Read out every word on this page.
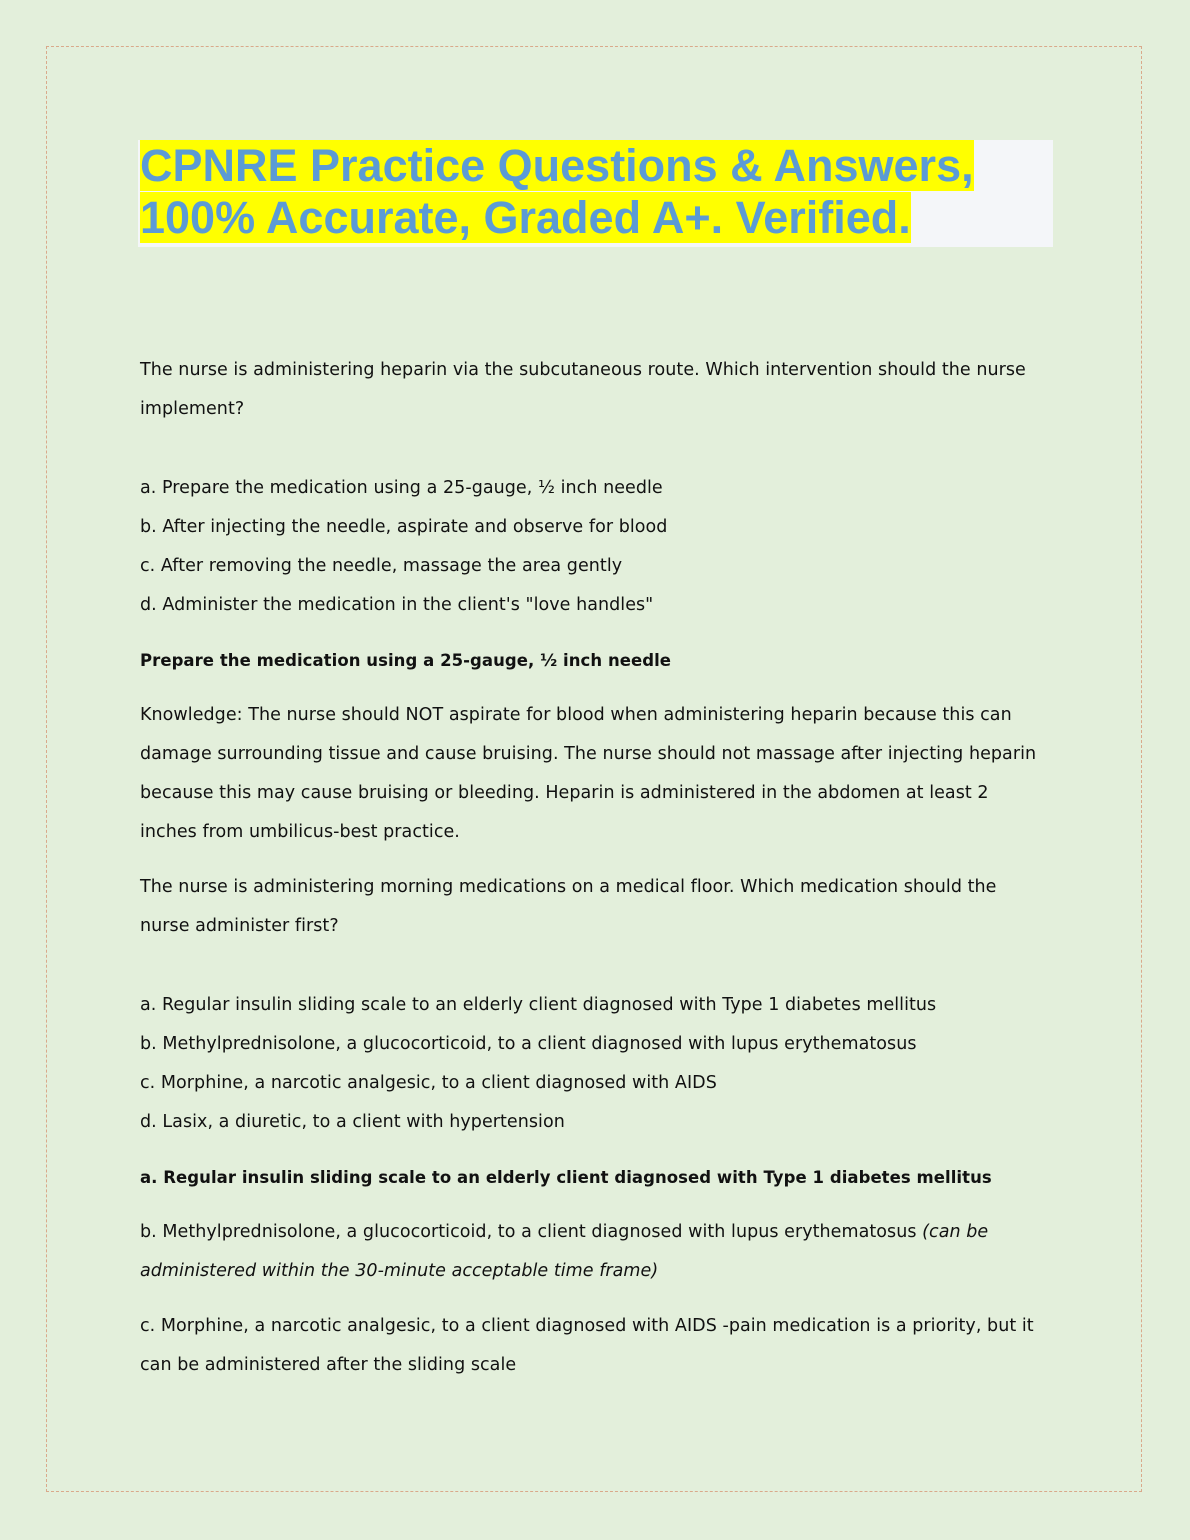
CPNRE Practice Questions & Answers,
100% Accurate, Graded A+. Verified.

The nurse is administering heparin via the subcutaneous route. Which intervention should the nurse implement?

a. Prepare the medication using a 25-gauge, ½ inch needle

b. After injecting the needle, aspirate and observe for blood

c. After removing the needle, massage the area gently

d. Administer the medication in the client's "love handles"

Prepare the medication using a 25-gauge, ½ inch needle

Knowledge: The nurse should NOT aspirate for blood when administering heparin because this can damage surrounding tissue and cause bruising. The nurse should not massage after injecting heparin because this may cause bruising or bleeding. Heparin is administered in the abdomen at least 2 inches from umbilicus-best practice.

The nurse is administering morning medications on a medical floor. Which medication should the nurse administer first?

a. Regular insulin sliding scale to an elderly client diagnosed with Type 1 diabetes mellitus

b. Methylprednisolone, a glucocorticoid, to a client diagnosed with lupus erythematosus

c. Morphine, a narcotic analgesic, to a client diagnosed with AIDS

d. Lasix, a diuretic, to a client with hypertension

a. Regular insulin sliding scale to an elderly client diagnosed with Type 1 diabetes mellitus

b. Methylprednisolone, a glucocorticoid, to a client diagnosed with lupus erythematosus (can be administered within the 30-minute acceptable time frame)

c. Morphine, a narcotic analgesic, to a client diagnosed with AIDS -pain medication is a priority, but it can be administered after the sliding scale
